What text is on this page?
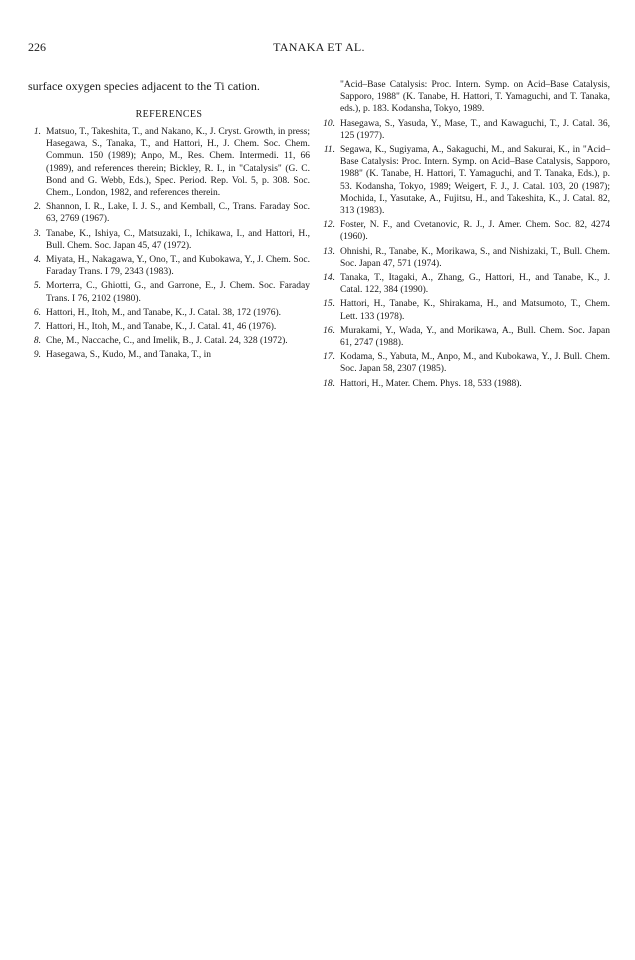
226	TANAKA ET AL.

surface oxygen species adjacent to the Ti cation.

REFERENCES
1. Matsuo, T., Takeshita, T., and Nakano, K., J. Cryst. Growth, in press; Hasegawa, S., Tanaka, T., and Hattori, H., J. Chem. Soc. Chem. Commun. 150 (1989); Anpo, M., Res. Chem. Intermedi. 11, 66 (1989), and references therein; Bickley, R. I., in "Catalysis" (G. C. Bond and G. Webb, Eds.), Spec. Period. Rep. Vol. 5, p. 308. Soc. Chem., London, 1982, and references therein.
2. Shannon, I. R., Lake, I. J. S., and Kemball, C., Trans. Faraday Soc. 63, 2769 (1967).
3. Tanabe, K., Ishiya, C., Matsuzaki, I., Ichikawa, I., and Hattori, H., Bull. Chem. Soc. Japan 45, 47 (1972).
4. Miyata, H., Nakagawa, Y., Ono, T., and Kubokawa, Y., J. Chem. Soc. Faraday Trans. I 79, 2343 (1983).
5. Morterra, C., Ghiotti, G., and Garrone, E., J. Chem. Soc. Faraday Trans. I 76, 2102 (1980).
6. Hattori, H., Itoh, M., and Tanabe, K., J. Catal. 38, 172 (1976).
7. Hattori, H., Itoh, M., and Tanabe, K., J. Catal. 41, 46 (1976).
8. Che, M., Naccache, C., and Imelik, B., J. Catal. 24, 328 (1972).
9. Hasegawa, S., Kudo, M., and Tanaka, T., in

"Acid–Base Catalysis: Proc. Intern. Symp. on Acid–Base Catalysis, Sapporo, 1988" (K. Tanabe, H. Hattori, T. Yamaguchi, and T. Tanaka, eds.), p. 183. Kodansha, Tokyo, 1989.

10. Hasegawa, S., Yasuda, Y., Mase, T., and Kawaguchi, T., J. Catal. 36, 125 (1977).
11. Segawa, K., Sugiyama, A., Sakaguchi, M., and Sakurai, K., in "Acid–Base Catalysis: Proc. Intern. Symp. on Acid–Base Catalysis, Sapporo, 1988" (K. Tanabe, H. Hattori, T. Yamaguchi, and T. Tanaka, Eds.), p. 53. Kodansha, Tokyo, 1989; Weigert, F. J., J. Catal. 103, 20 (1987); Mochida, I., Yasutake, A., Fujitsu, H., and Takeshita, K., J. Catal. 82, 313 (1983).
12. Foster, N. F., and Cvetanovic, R. J., J. Amer. Chem. Soc. 82, 4274 (1960).
13. Ohnishi, R., Tanabe, K., Morikawa, S., and Nishizaki, T., Bull. Chem. Soc. Japan 47, 571 (1974).
14. Tanaka, T., Itagaki, A., Zhang, G., Hattori, H., and Tanabe, K., J. Catal. 122, 384 (1990).
15. Hattori, H., Tanabe, K., Shirakama, H., and Matsumoto, T., Chem. Lett. 133 (1978).
16. Murakami, Y., Wada, Y., and Morikawa, A., Bull. Chem. Soc. Japan 61, 2747 (1988).
17. Kodama, S., Yabuta, M., Anpo, M., and Kubokawa, Y., J. Bull. Chem. Soc. Japan 58, 2307 (1985).
18. Hattori, H., Mater. Chem. Phys. 18, 533 (1988).
